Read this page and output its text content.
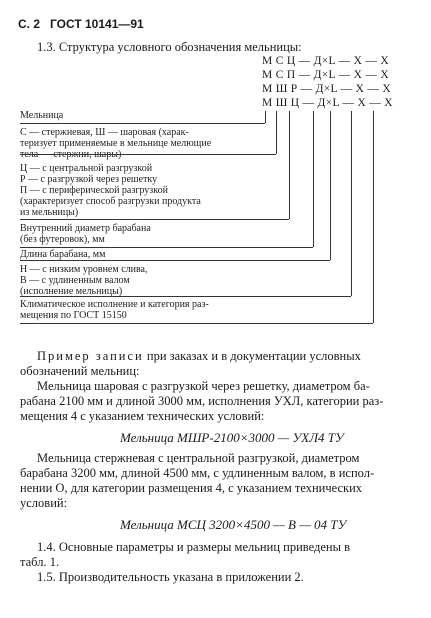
С. 2 ГОСТ 10141—91
1.3. Структура условного обозначения мельницы:
М С Ц — Д×L — Х — Х
М С П — Д×L — Х — Х
М Ш Р — Д×L — Х — Х
М Ш Ц — Д×L — Х — Х
Мельница
С — стержневая, Ш — шаровая (харак-
теризует применяемые в мельнице мелющие
тела — стержни, шары)
Ц — с центральной разгрузкой
Р — с разгрузкой через решетку
П — с периферической разгрузкой
(характеризует способ разгрузки продукта
из мельницы)
Внутренний диаметр барабана
(без футеровок), мм
Длина барабана, мм
Н — с низким уровнем слива,
В — с удлиненным валом
(исполнение мельницы)
Климатическое исполнение и категория раз-
мещения по ГОСТ 15150
Пример записи при заказах и в документации условных
обозначений мельниц:
Мельница шаровая с разгрузкой через решетку, диаметром ба-
рабана 2100 мм и длиной 3000 мм, исполнения УХЛ, категории раз-
мещения 4 с указанием технических условий:
Мельница МШР-2100×3000 — УХЛ4 ТУ
Мельница стержневая с центральной разгрузкой, диаметром
барабана 3200 мм, длиной 4500 мм, с удлиненным валом, в испол-
нении О, для категории размещения 4, с указанием технических
условий:
Мельница МСЦ 3200×4500 — В — 04 ТУ
1.4. Основные параметры и размеры мельниц приведены в
табл. 1.
1.5. Производительность указана в приложении 2.
